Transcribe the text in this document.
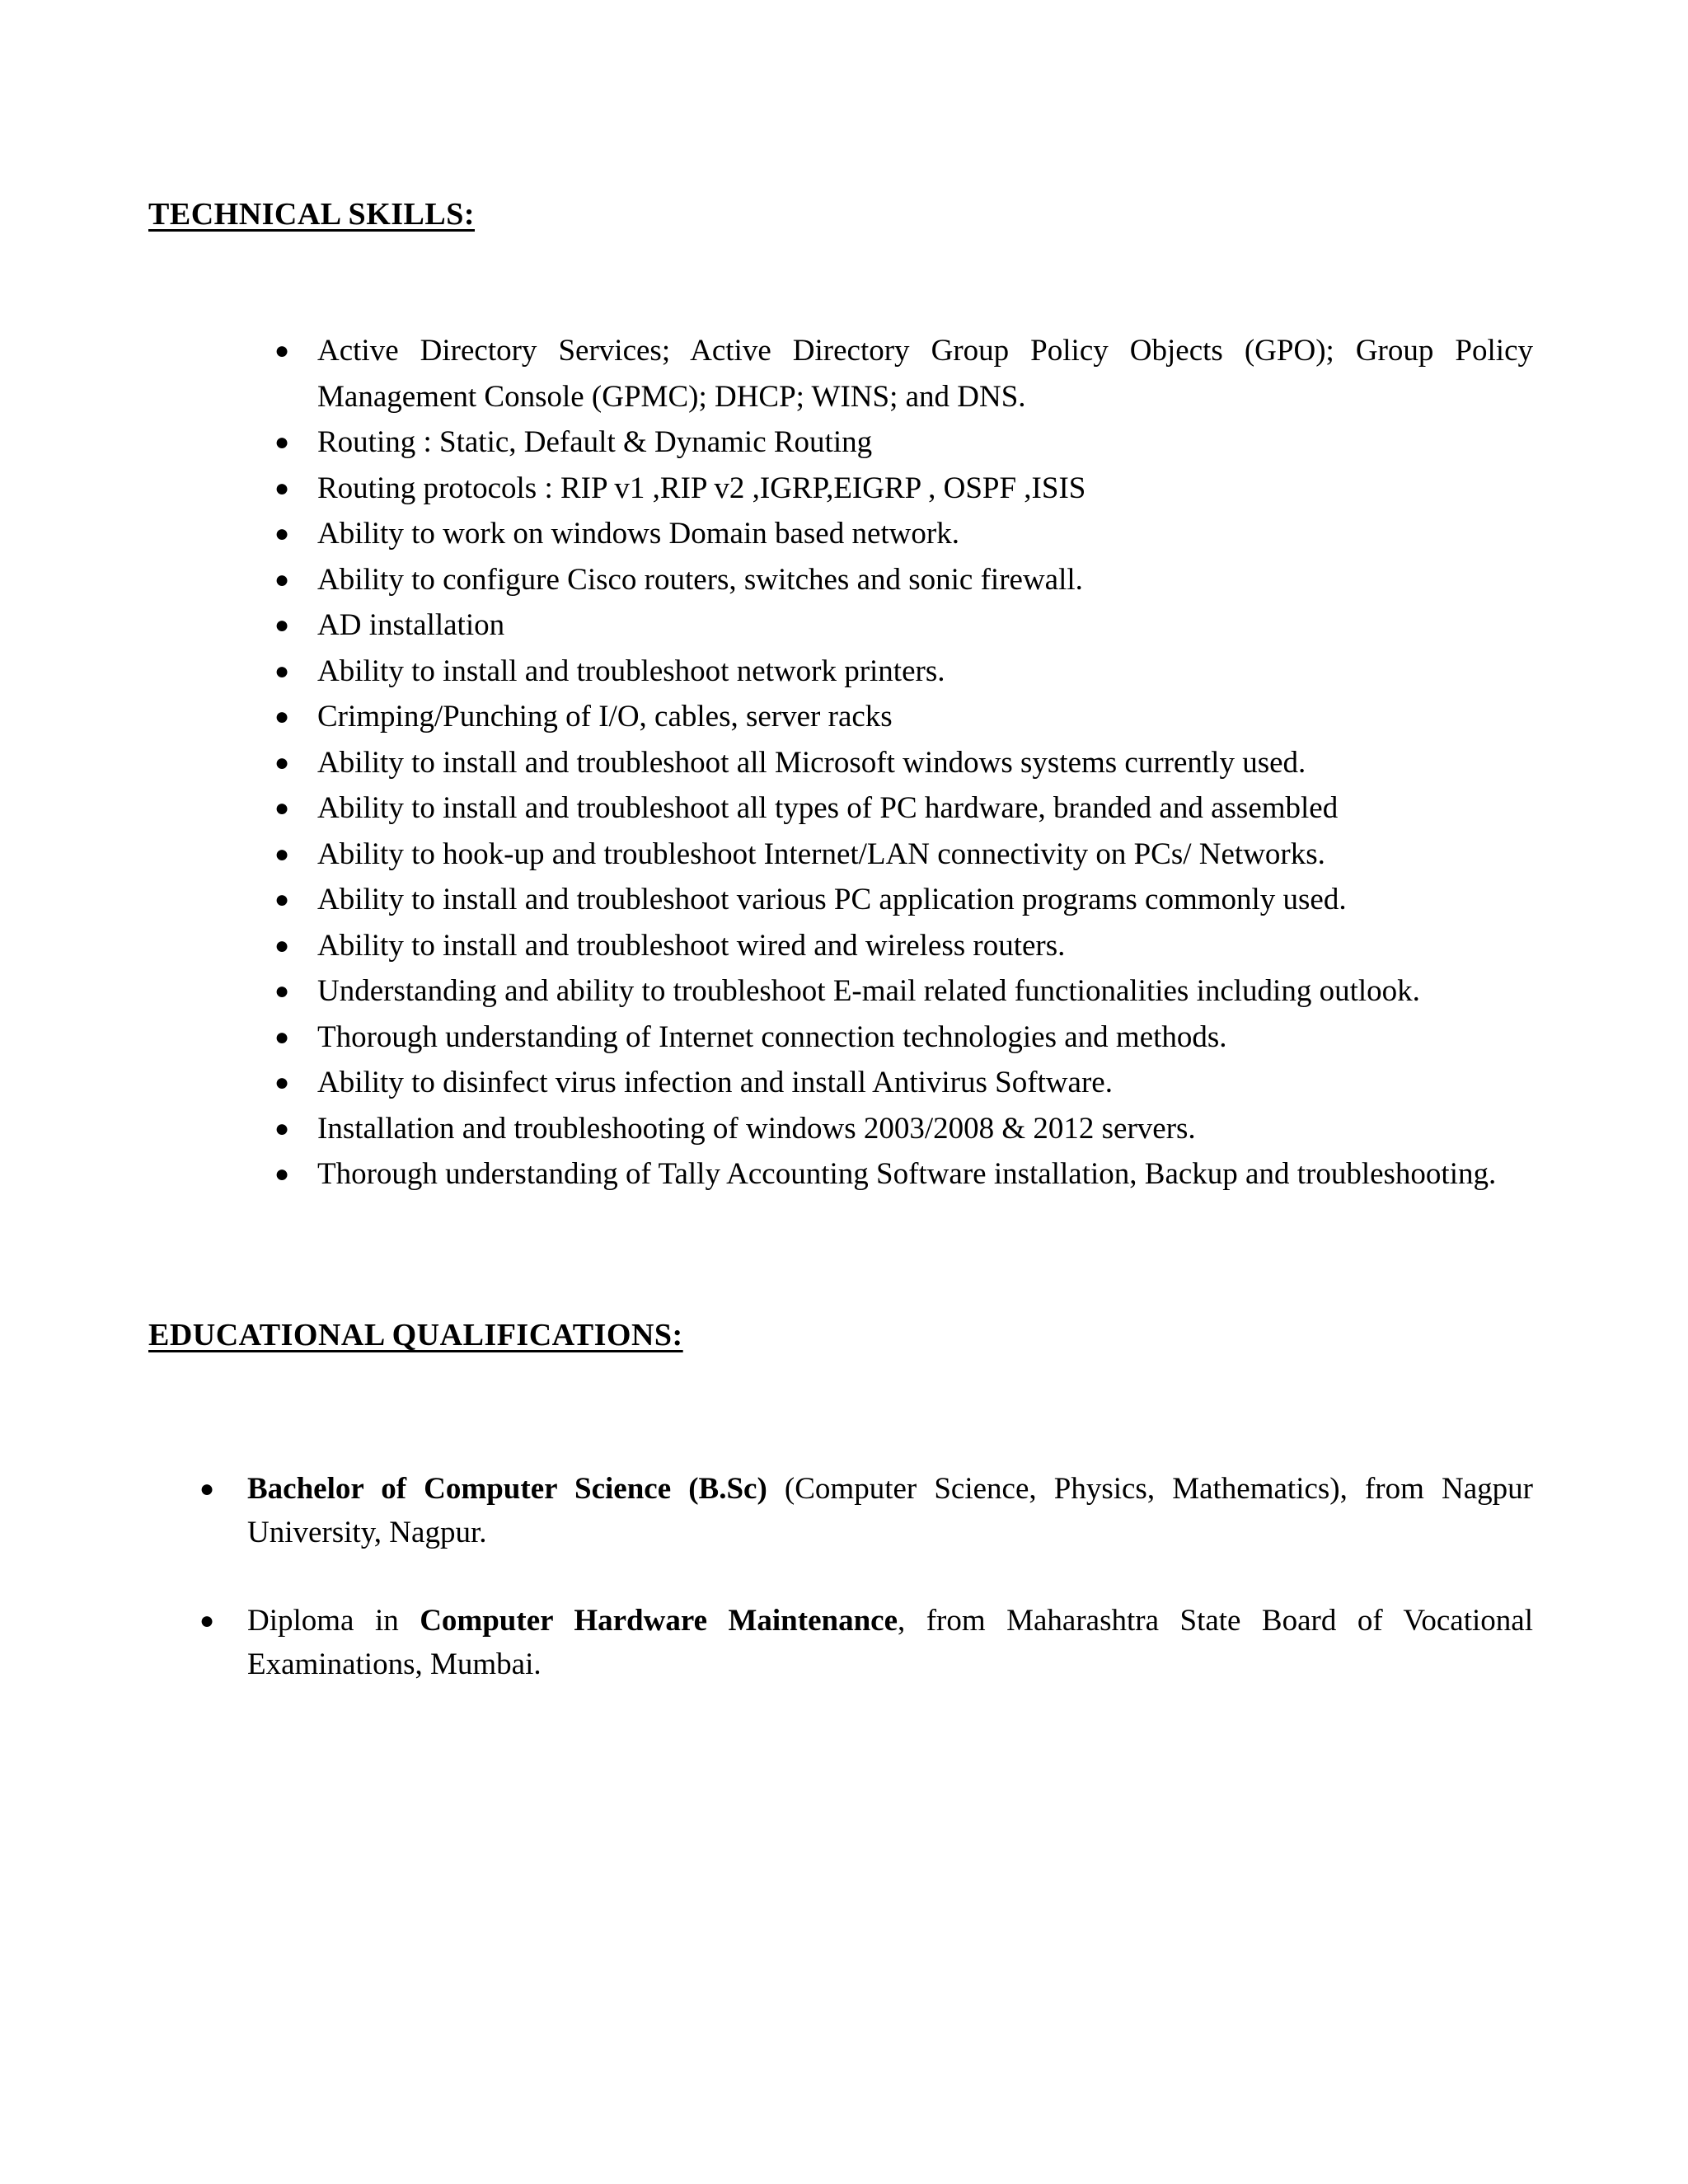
TECHNICAL SKILLS:
● Active Directory Services; Active Directory Group Policy Objects (GPO); Group Policy Management Console (GPMC); DHCP; WINS; and DNS.
● Routing : Static, Default & Dynamic Routing
● Routing protocols : RIP v1 ,RIP v2 ,IGRP,EIGRP , OSPF ,ISIS
● Ability to work on windows Domain based network.
● Ability to configure Cisco routers, switches and sonic firewall.
● AD installation
● Ability to install and troubleshoot network printers.
● Crimping/Punching of I/O, cables, server racks
● Ability to install and troubleshoot all Microsoft windows systems currently used.
● Ability to install and troubleshoot all types of PC hardware, branded and assembled
● Ability to hook-up and troubleshoot Internet/LAN connectivity on PCs/ Networks.
● Ability to install and troubleshoot various PC application programs commonly used.
● Ability to install and troubleshoot wired and wireless routers.
● Understanding and ability to troubleshoot E-mail related functionalities including outlook.
● Thorough understanding of Internet connection technologies and methods.
● Ability to disinfect virus infection and install Antivirus Software.
● Installation and troubleshooting of windows 2003/2008 & 2012 servers.
● Thorough understanding of Tally Accounting Software installation, Backup and troubleshooting.
EDUCATIONAL QUALIFICATIONS:
● Bachelor of Computer Science (B.Sc) (Computer Science, Physics, Mathematics), from Nagpur University, Nagpur.
● Diploma in Computer Hardware Maintenance, from Maharashtra State Board of Vocational Examinations, Mumbai.
